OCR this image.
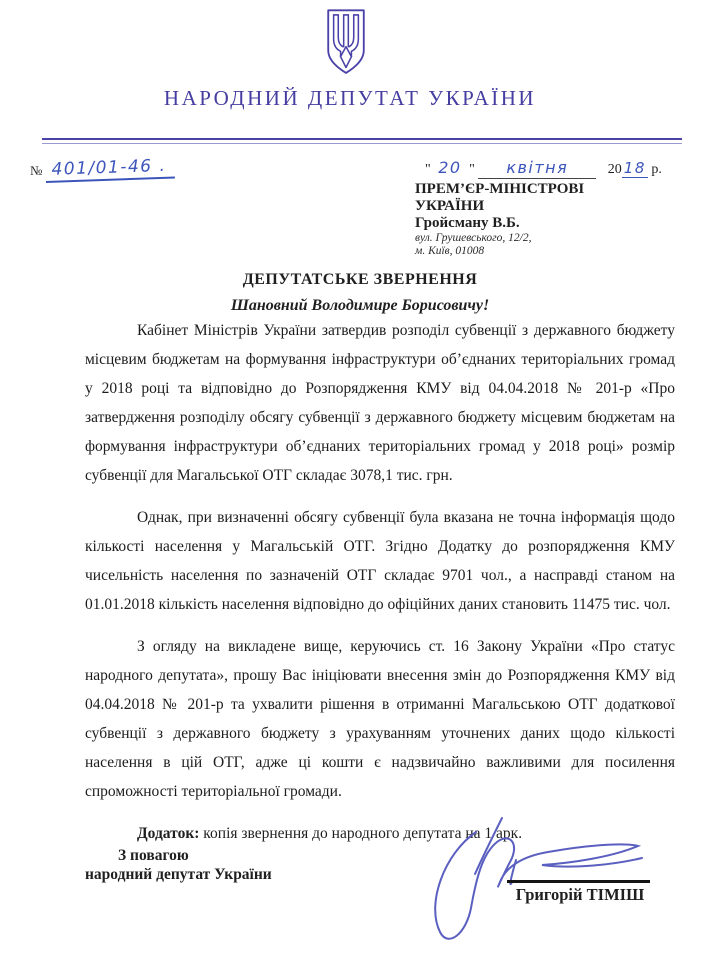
НАРОДНИЙ ДЕПУТАТ УКРАЇНИ
№ 401/01-46 .	" 20 " квітня	20 18 р.
ПРЕМ’ЄР-МІНІСТРОВІ
УКРАЇНИ
Гройсману В.Б.
вул. Грушевського, 12/2,
м. Київ, 01008
ДЕПУТАТСЬКЕ ЗВЕРНЕННЯ
Шановний Володимире Борисовичу!

Кабінет Міністрів України затвердив розподіл субвенції з державного бюджету місцевим бюджетам на формування інфраструктури об’єднаних територіальних громад у 2018 році та відповідно до Розпорядження КМУ від 04.04.2018 № 201-р «Про затвердження розподілу обсягу субвенції з державного бюджету місцевим бюджетам на формування інфраструктури об’єднаних територіальних громад у 2018 році» розмір субвенції для Магальської ОТГ складає 3078,1 тис. грн.

Однак, при визначенні обсягу субвенції була вказана не точна інформація щодо кількості населення у Магальській ОТГ. Згідно Додатку до розпорядження КМУ чисельність населення по зазначеній ОТГ складає 9701 чол., а насправді станом на 01.01.2018 кількість населення відповідно до офіційних даних становить 11475 тис. чол.

З огляду на викладене вище, керуючись ст. 16 Закону України «Про статус народного депутата», прошу Вас ініціювати внесення змін до Розпорядження КМУ від 04.04.2018 № 201-р та ухвалити рішення в отриманні Магальською ОТГ додаткової субвенції з державного бюджету з урахуванням уточнених даних щодо кількості населення в цій ОТГ, адже ці кошти є надзвичайно важливими для посилення спроможності територіальної громади.

Додаток: копія звернення до народного депутата на 1 арк.
З повагою
народний депутат України
Григорій ТІМІШ
